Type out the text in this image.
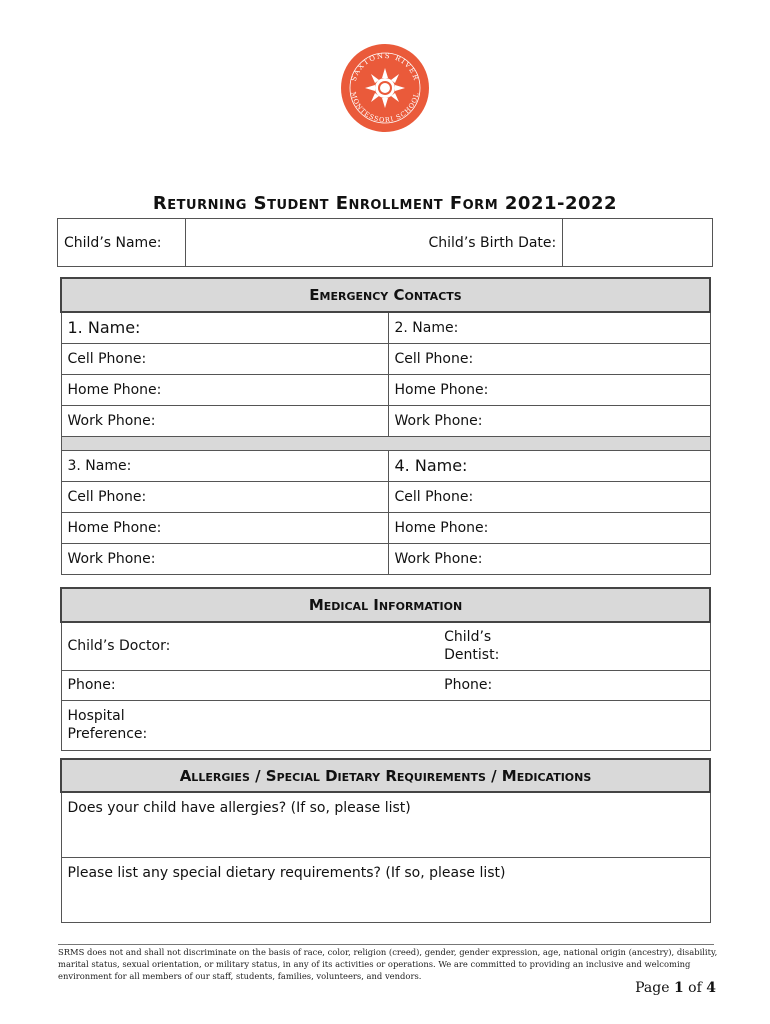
SAXTONS RIVER
MONTESSORI SCHOOL
Returning Student Enrollment Form 2021-2022
Child’s Name:		Child’s Birth Date:	
Emergency Contacts	
1. Name:	2. Name:
Cell Phone:	Cell Phone:
Home Phone:	Home Phone:
Work Phone:	Work Phone:

3. Name:	4. Name:
Cell Phone:	Cell Phone:
Home Phone:	Home Phone:
Work Phone:	Work Phone:
Medical Information	
Child’s Doctor:	Child’s Dentist:
Phone:	Phone:
Hospital Preference:	
Allergies / Special Dietary Requirements / Medications
Does your child have allergies? (If so, please list)
Please list any special dietary requirements? (If so, please list)
SRMS does not and shall not discriminate on the basis of race, color, religion (creed), gender, gender expression, age, national origin (ancestry), disability, marital status, sexual orientation, or military status, in any of its activities or operations. We are committed to providing an inclusive and welcoming environment for all members of our staff, students, families, volunteers, and vendors.
Page 1 of 4
